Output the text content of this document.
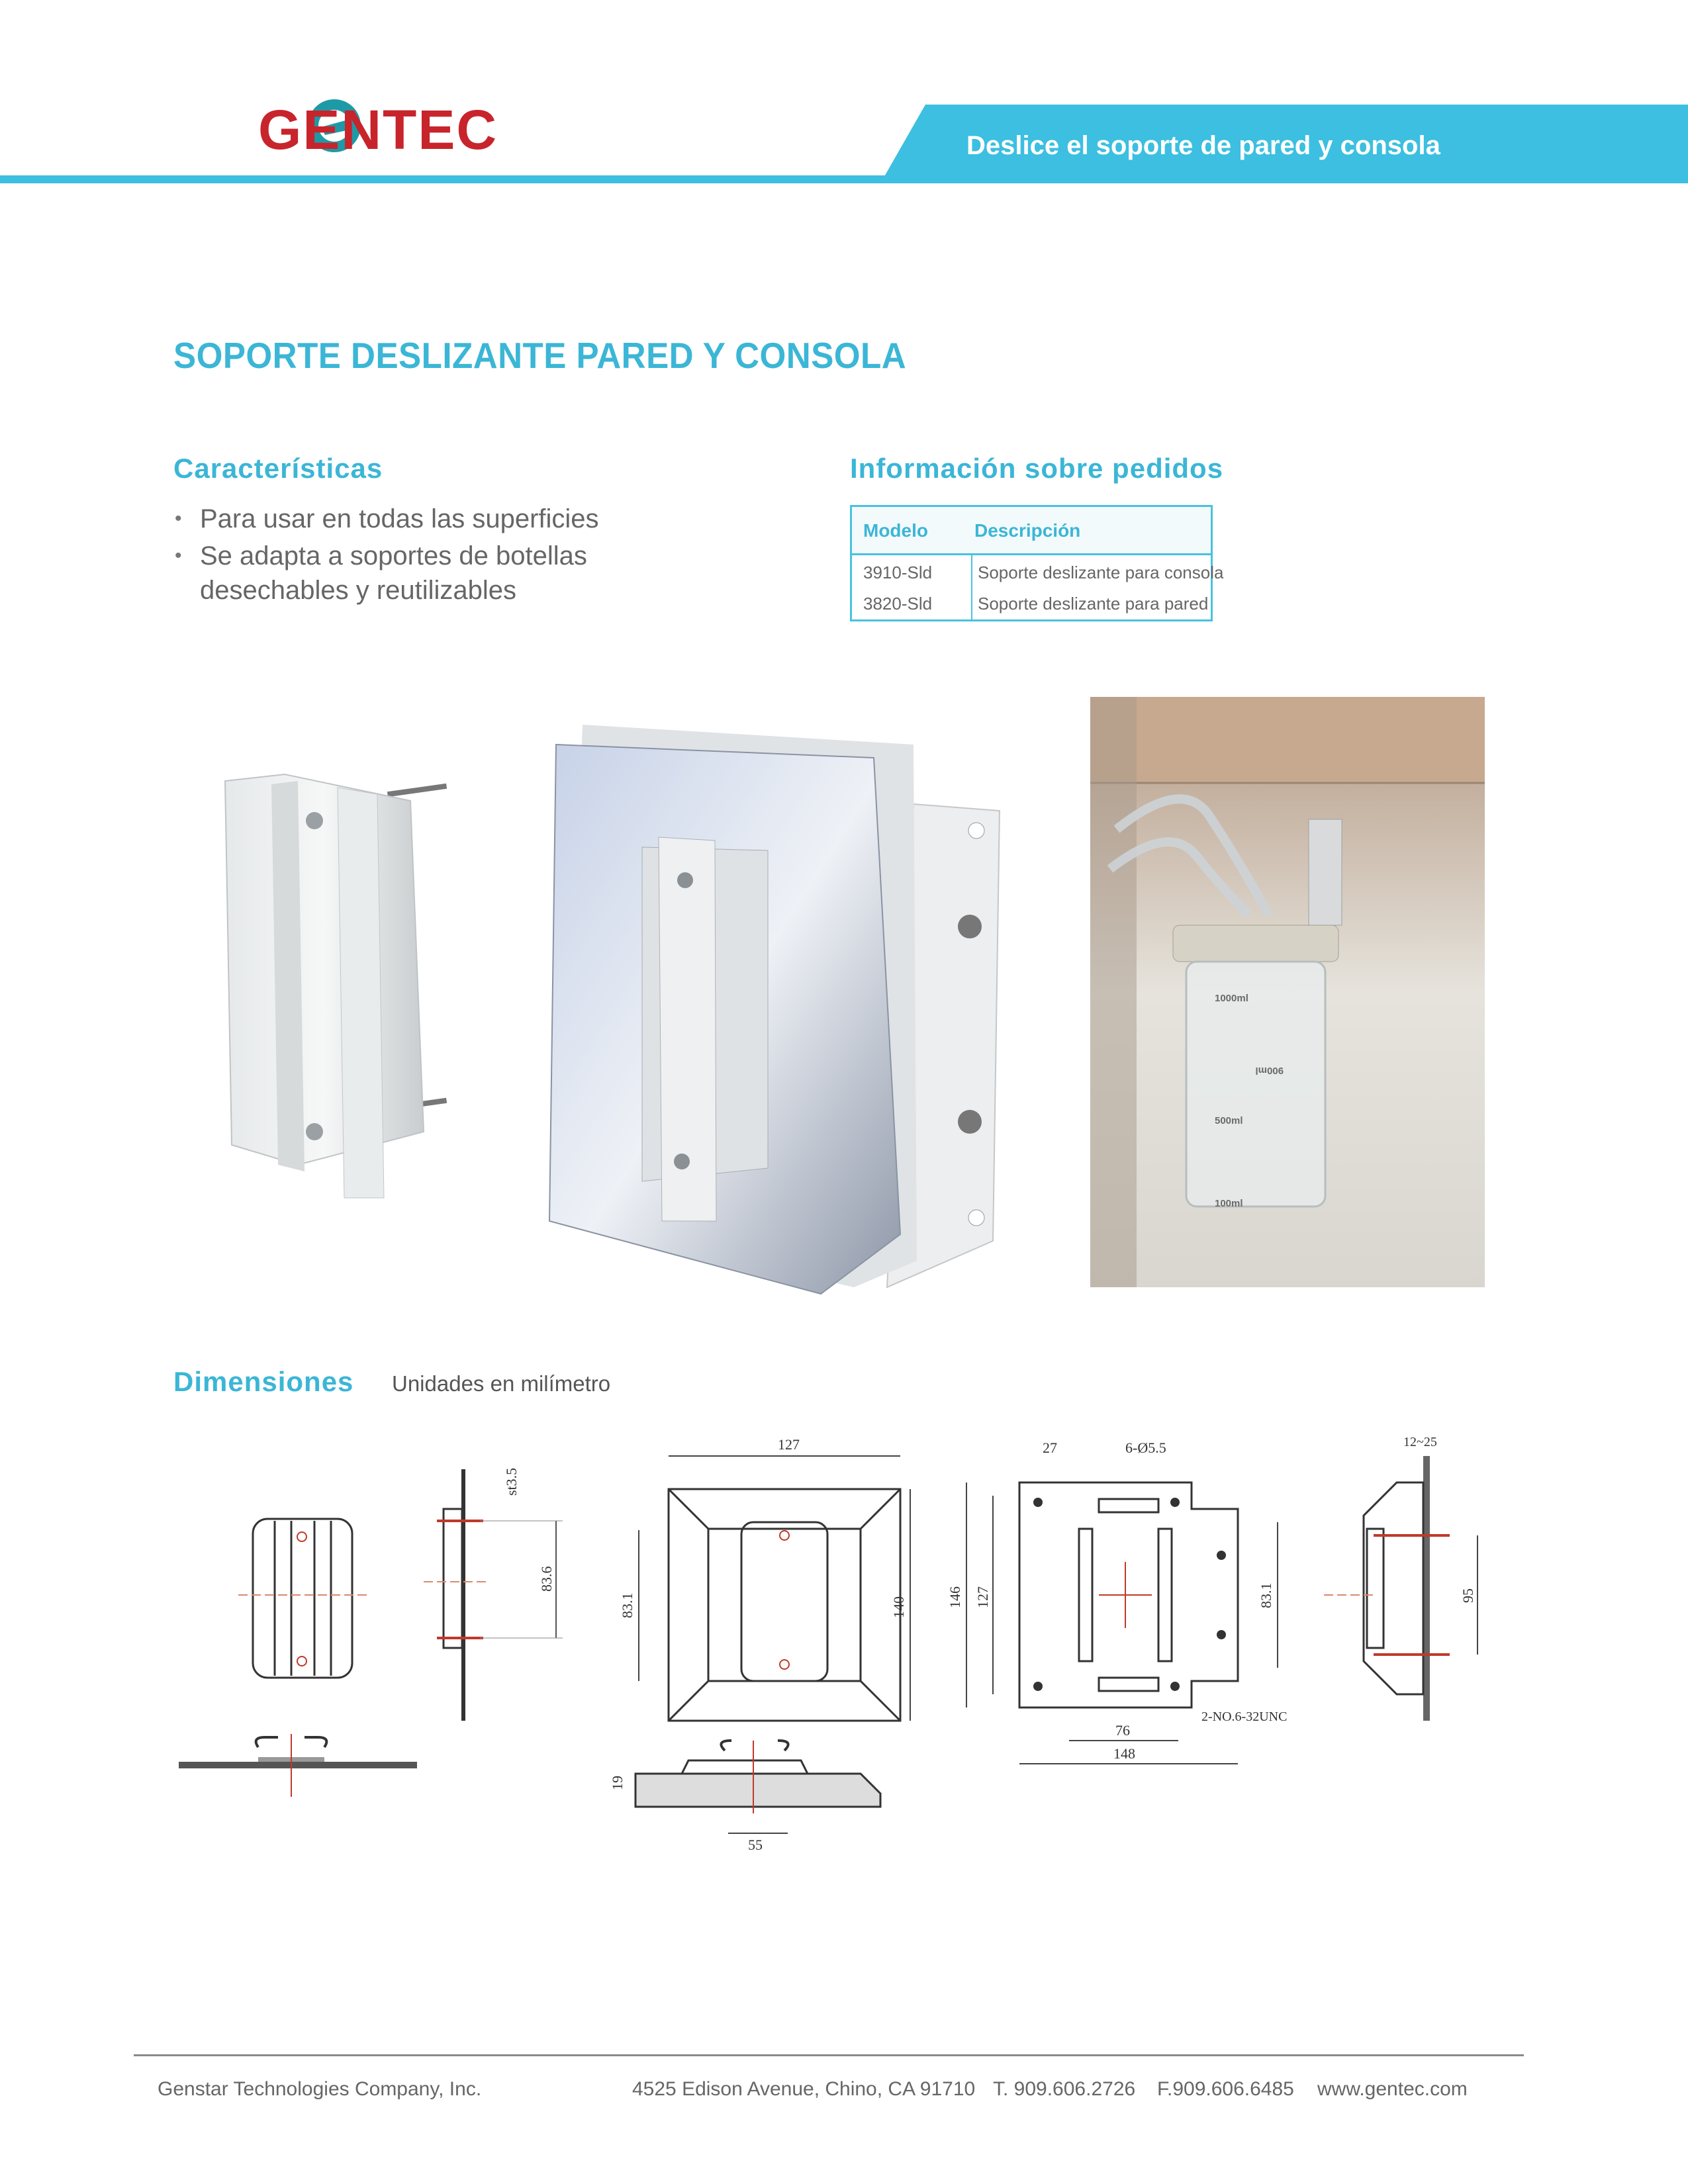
GENTEC	Deslice el soporte de pared y consola
SOPORTE DESLIZANTE PARED Y CONSOLA
Características
• Para usar en todas las superficies
• Se adapta a soportes de botellas desechables y reutilizables
Información sobre pedidos
Modelo	Descripción
3910-Sld	Soporte deslizante para consola
3820-Sld	Soporte deslizante para pared
1000ml
900ml
500ml
100ml
Dimensiones Unidades en milímetro
st3.5
83.6
127
83.1	140
55
19
27	6-Ø5.5
146 127	83.1
76
148
2-NO.6-32UNC
12~25
95
Genstar Technologies Company, Inc.	4525 Edison Avenue, Chino, CA 91710 T. 909.606.2726 F.909.606.6485 www.gentec.com
